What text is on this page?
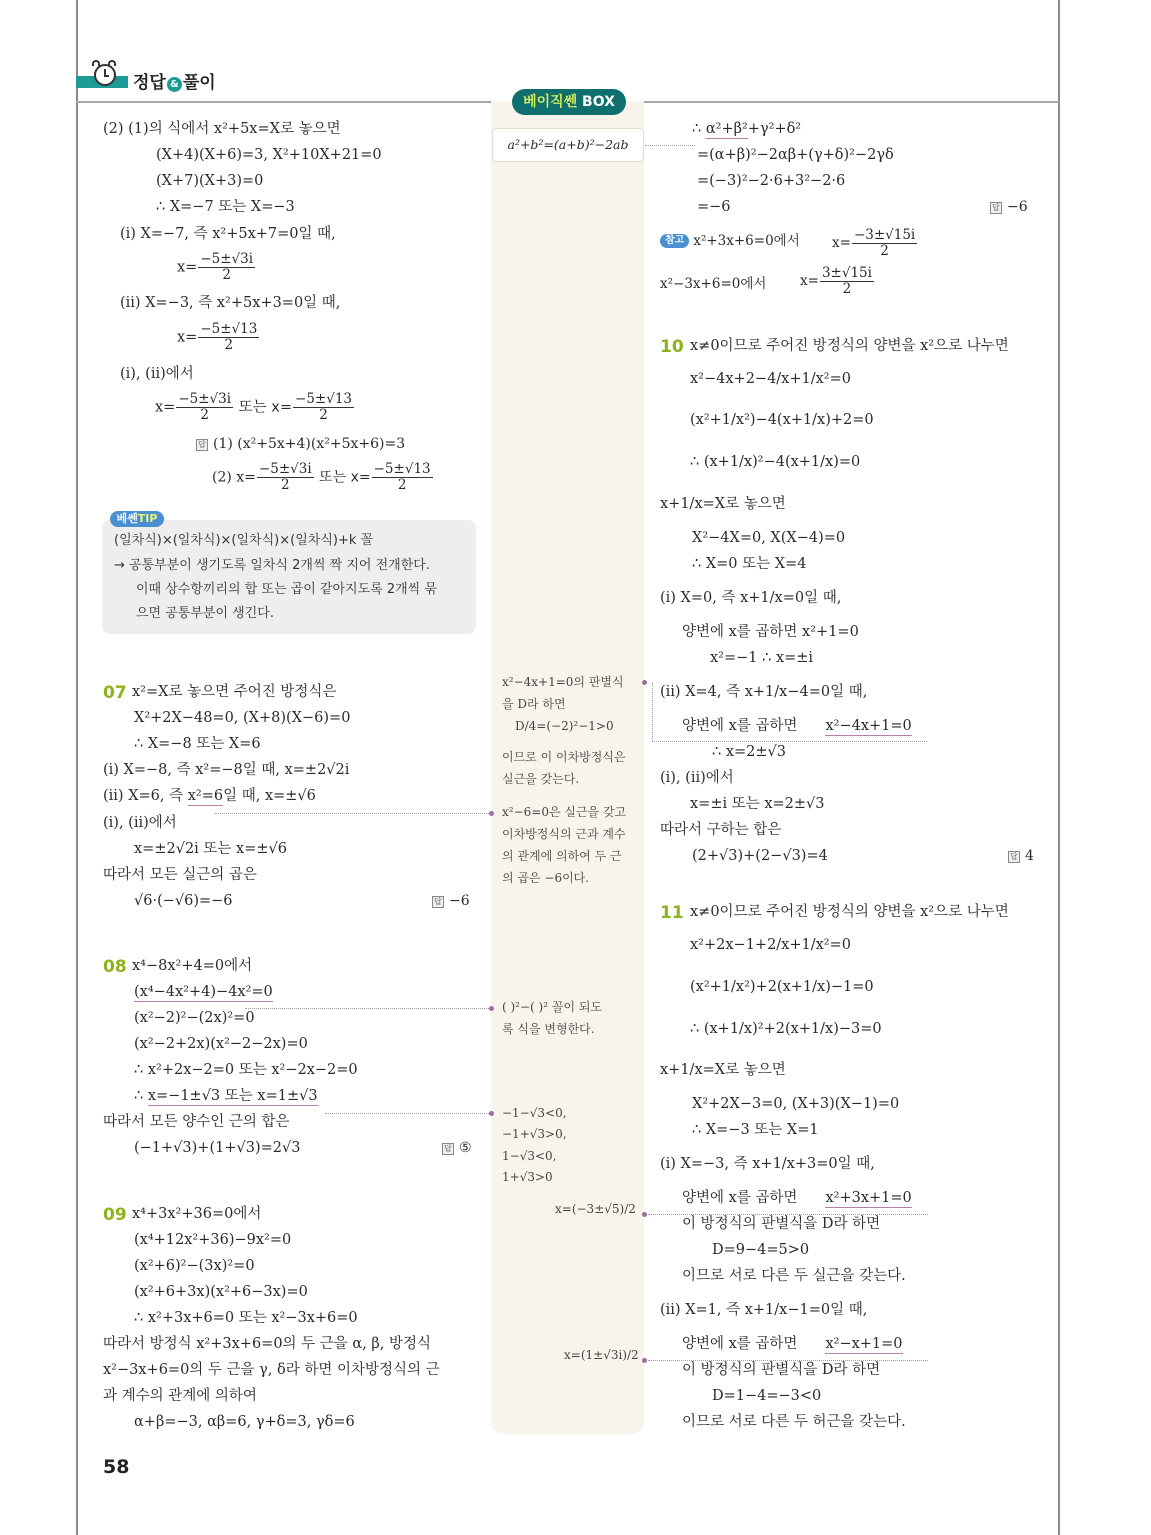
정답 & 풀이
베이직쎈 BOX
a²+b²=(a+b)²−2ab
(2) (1)의 식에서 x²+5x=X로 놓으면
(X+4)(X+6)=3, X²+10X+21=0
(X+7)(X+3)=0
∴ X=−7 또는 X=−3
(i) X=−7, 즉 x²+5x+7=0일 때,
$x= \frac{-5\pm√3i}{2}$
(ii) X=−3, 즉 x²+5x+3=0일 때,
$x= \frac{-5\pm√13}{2}$
(i), (ii)에서
$x= \frac{-5\pm√3i}{2}$ 또는 $x= \frac{-5\pm√13}{2}$
답 (1) (x²+5x+4)(x²+5x+6)=3
(2) $x= \frac{-5\pm√3i}{2}$ 또는 $x= \frac{-5\pm√13}{2}$
베쎈TIP
(일차식)×(일차식)×(일차식)×(일차식)+k 꼴
→ 공통부분이 생기도록 일차식 2개씩 짝 지어 전개한다.
이때 상수항끼리의 합 또는 곱이 같아지도록 2개씩 묶
으면 공통부분이 생긴다.
07 x²=X로 놓으면 주어진 방정식은
X²+2X−48=0, (X+8)(X−6)=0
∴ X=−8 또는 X=6
(i) X=−8, 즉 x²=−8일 때, x=±2√2i
(ii) X=6, 즉 x²=6일 때, x=±√6
(i), (ii)에서
x=±2√2i 또는 x=±√6
따라서 모든 실근의 곱은
√6·(−√6)=−6	답 −6
08 x⁴−8x²+4=0에서
(x⁴−4x²+4)−4x²=0
(x²−2)²−(2x)²=0
(x²−2+2x)(x²−2−2x)=0
∴ x²+2x−2=0 또는 x²−2x−2=0
∴ x=−1±√3 또는 x=1±√3
따라서 모든 양수인 근의 합은
(−1+√3)+(1+√3)=2√3	답 ⑤
09 x⁴+3x²+36=0에서
(x⁴+12x²+36)−9x²=0
(x²+6)²−(3x)²=0
(x²+6+3x)(x²+6−3x)=0
∴ x²+3x+6=0 또는 x²−3x+6=0
따라서 방정식 x²+3x+6=0의 두 근을 α, β, 방정식
x²−3x+6=0의 두 근을 γ, δ라 하면 이차방정식의 근
과 계수의 관계에 의하여
α+β=−3, αβ=6, γ+δ=3, γδ=6
58
x²−4x+1=0의 판별식
을 D라 하면
D/4=(−2)²−1>0
이므로 이 이차방정식은
실근을 갖는다.
x²−6=0은 실근을 갖고
이차방정식의 근과 계수
의 관계에 의하여 두 근
의 곱은 −6이다.
( )²−( )² 꼴이 되도
록 식을 변형한다.
−1−√3<0,
−1+√3>0,
1−√3<0,
1+√3>0
x=(−3±√5)/2
x=(1±√3i)/2
∴ α²+β²+γ²+δ²
=(α+β)²−2αβ+(γ+δ)²−2γδ
=(−3)²−2·6+3²−2·6
=−6	답 −6
참고 x²+3x+6=0에서 $x= \frac{-3\pm√15i}{2}$
x²−3x+6=0에서 $x= \frac{3\pm√15i}{2}$
10 x≠0이므로 주어진 방정식의 양변을 x²으로 나누면
x²−4x+2−4/x+1/x²=0
(x²+1/x²)−4(x+1/x)+2=0
∴ (x+1/x)²−4(x+1/x)=0
x+1/x=X로 놓으면
X²−4X=0, X(X−4)=0
∴ X=0 또는 X=4
(i) X=0, 즉 x+1/x=0일 때,
양변에 x를 곱하면 x²+1=0
x²=−1 ∴ x=±i
(ii) X=4, 즉 x+1/x−4=0일 때,
양변에 x를 곱하면 x²−4x+1=0
∴ x=2±√3
(i), (ii)에서
x=±i 또는 x=2±√3
따라서 구하는 합은
(2+√3)+(2−√3)=4	답 4
11 x≠0이므로 주어진 방정식의 양변을 x²으로 나누면
x²+2x−1+2/x+1/x²=0
(x²+1/x²)+2(x+1/x)−1=0
∴ (x+1/x)²+2(x+1/x)−3=0
x+1/x=X로 놓으면
X²+2X−3=0, (X+3)(X−1)=0
∴ X=−3 또는 X=1
(i) X=−3, 즉 x+1/x+3=0일 때,
양변에 x를 곱하면 x²+3x+1=0
이 방정식의 판별식을 D라 하면
D=9−4=5>0
이므로 서로 다른 두 실근을 갖는다.
(ii) X=1, 즉 x+1/x−1=0일 때,
양변에 x를 곱하면 x²−x+1=0
이 방정식의 판별식을 D라 하면
D=1−4=−3<0
이므로 서로 다른 두 허근을 갖는다.
